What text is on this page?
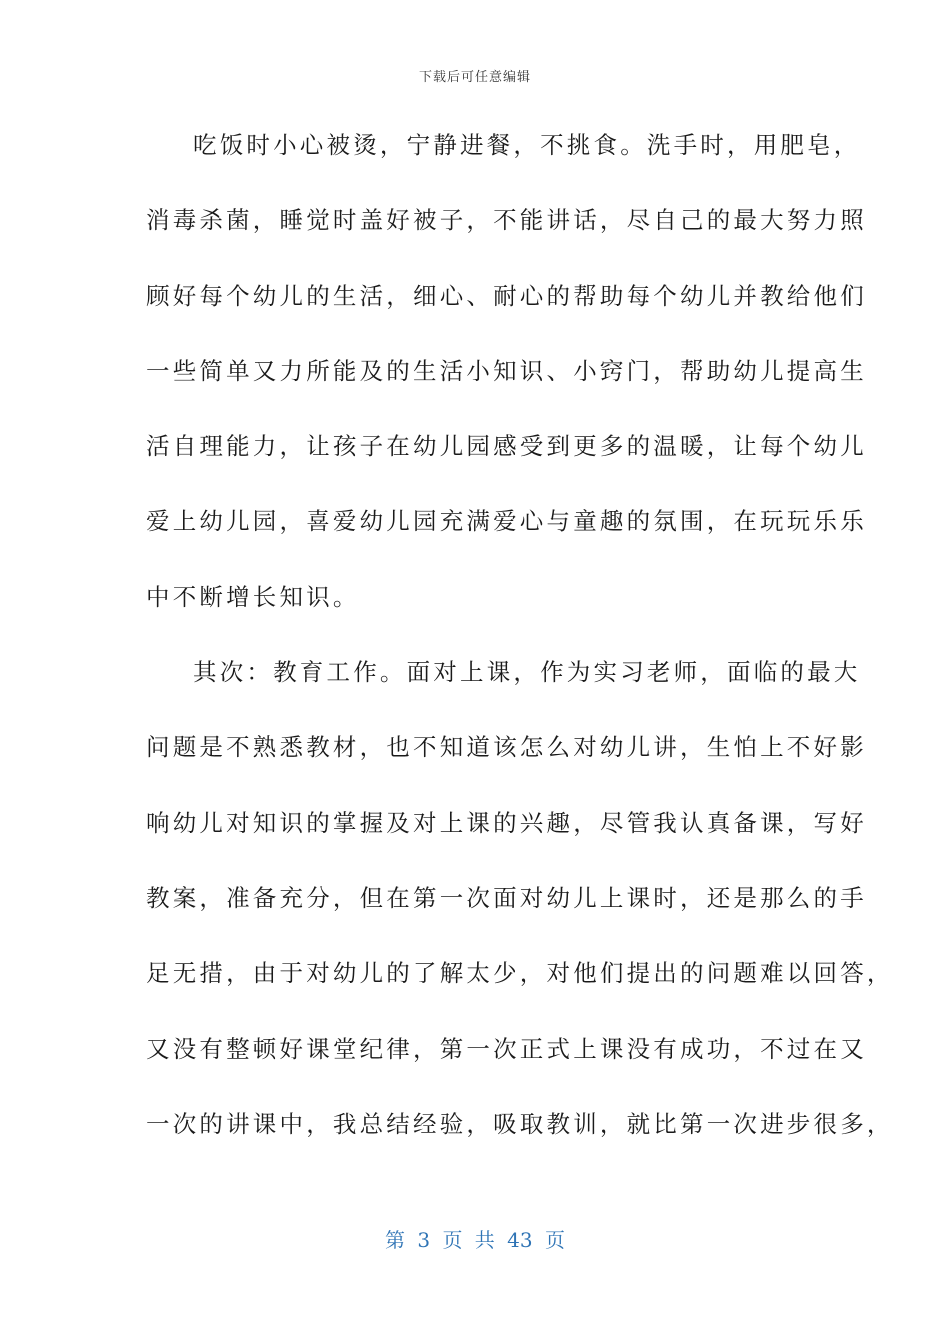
下载后可任意编辑
吃饭时小心被烫，宁静进餐，不挑食。洗手时，用肥皂，
消毒杀菌，睡觉时盖好被子，不能讲话，尽自己的最大努力照
顾好每个幼儿的生活，细心、耐心的帮助每个幼儿并教给他们
一些简单又力所能及的生活小知识、小窍门，帮助幼儿提高生
活自理能力，让孩子在幼儿园感受到更多的温暖，让每个幼儿
爱上幼儿园，喜爱幼儿园充满爱心与童趣的氛围，在玩玩乐乐
中不断增长知识。
其次：教育工作。面对上课，作为实习老师，面临的最大
问题是不熟悉教材，也不知道该怎么对幼儿讲，生怕上不好影
响幼儿对知识的掌握及对上课的兴趣，尽管我认真备课，写好
教案，准备充分，但在第一次面对幼儿上课时，还是那么的手
足无措，由于对幼儿的了解太少，对他们提出的问题难以回答，
又没有整顿好课堂纪律，第一次正式上课没有成功，不过在又
一次的讲课中，我总结经验，吸取教训，就比第一次进步很多，
第 3 页 共 43 页
